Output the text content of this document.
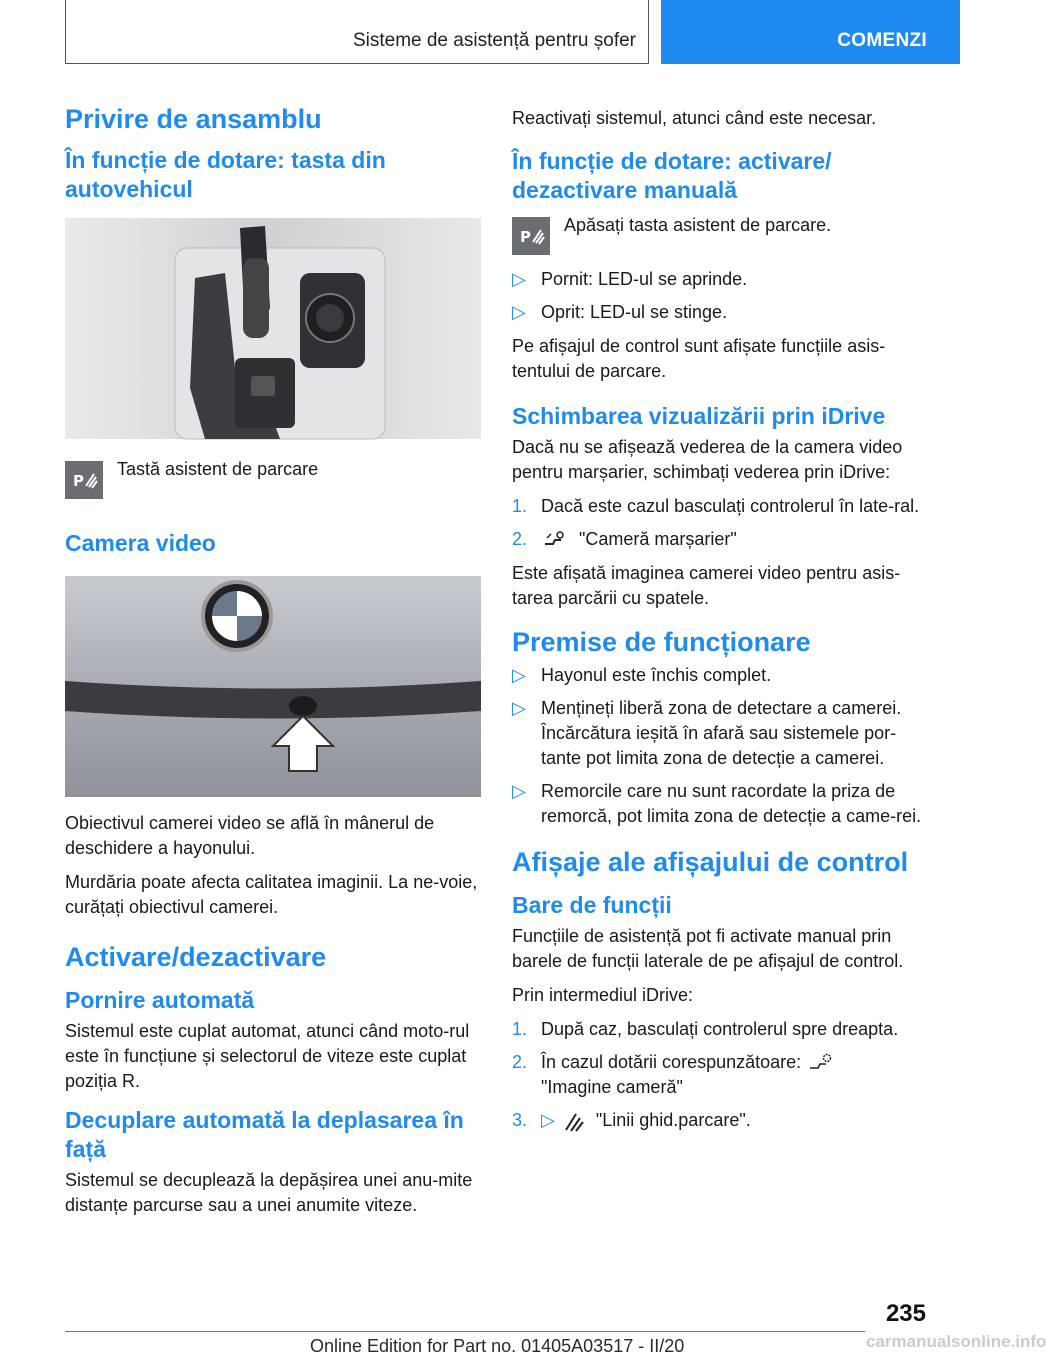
Sisteme de asistență pentru șofer	COMENZI
Privire de ansamblu
În funcție de dotare: tasta din autovehicul
P

Tastă asistent de parcare

Camera video

Obiectivul camerei video se află în mânerul de deschidere a hayonului.

Murdăria poate afecta calitatea imaginii. La ne-voie, curățați obiectivul camerei.

Activare/dezactivare
Pornire automată

Sistemul este cuplat automat, atunci când moto-rul este în funcțiune și selectorul de viteze este cuplat poziția R.

Decuplare automată la deplasarea în față

Sistemul se decuplează la depășirea unei anu-mite distanțe parcurse sau a unei anumite viteze.

Reactivați sistemul, atunci când este necesar.

În funcție de dotare: activare/ dezactivare manuală
P

Apăsați tasta asistent de parcare.

▷ Pornit: LED-ul se aprinde.
▷ Oprit: LED-ul se stinge.

Pe afișajul de control sunt afișate funcțiile asis-tentului de parcare.

Schimbarea vizualizării prin iDrive

Dacă nu se afișează vederea de la camera video pentru marșarier, schimbați vederea prin iDrive:

1. Dacă este cazul basculați controlerul în late-ral.
2.	"Cameră marșarier"

Este afișată imaginea camerei video pentru asis-tarea parcării cu spatele.

Premise de funcționare
▷ Hayonul este închis complet.
▷ Mențineți liberă zona de detectare a camerei. Încărcătura ieșită în afară sau sistemele por-tante pot limita zona de detecție a camerei.
▷ Remorcile care nu sunt racordate la priza de remorcă, pot limita zona de detecție a came-rei.
Afișaje ale afișajului de control
Bare de funcții

Funcțiile de asistență pot fi activate manual prin barele de funcții laterale de pe afișajul de control.

Prin intermediul iDrive:

1. După caz, basculați controlerul spre dreapta.
2. În cazul dotării corespunzătoare:
"Imagine cameră"
3. ▷ "Linii ghid.parcare".
235
Online Edition for Part no. 01405A03517 - II/20	carmanualsonline.info
